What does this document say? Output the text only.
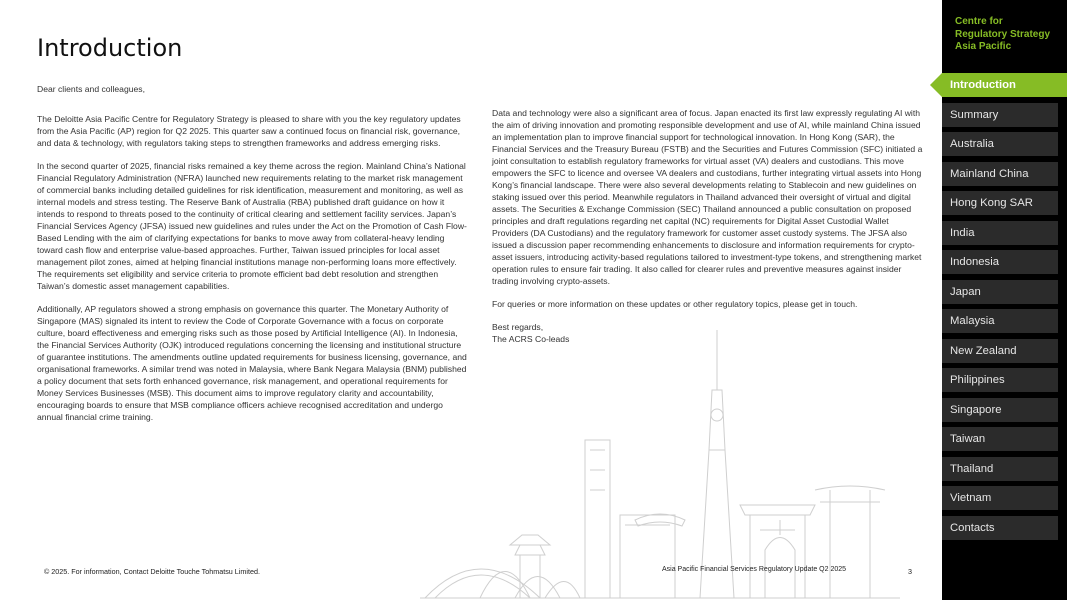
Introduction
Dear clients and colleagues,

The Deloitte Asia Pacific Centre for Regulatory Strategy is pleased to share with you the key regulatory updates from the Asia Pacific (AP) region for Q2 2025. This quarter saw a continued focus on financial risk, governance, and data & technology, with regulators taking steps to strengthen frameworks and address emerging risks.

In the second quarter of 2025, financial risks remained a key theme across the region. Mainland China’s National Financial Regulatory Administration (NFRA) launched new requirements relating to the market risk management of commercial banks including detailed guidelines for risk identification, measurement and monitoring, as well as internal models and stress testing. The Reserve Bank of Australia (RBA) published draft guidance on how it intends to respond to threats posed to the continuity of critical clearing and settlement facility services. Japan’s Financial Services Agency (JFSA) issued new guidelines and rules under the Act on the Promotion of Cash Flow-Based Lending with the aim of clarifying expectations for banks to move away from collateral-heavy lending toward cash flow and enterprise value-based approaches. Further, Taiwan issued principles for local asset management pilot zones, aimed at helping financial institutions manage non-performing loans more effectively. The requirements set eligibility and service criteria to promote efficient bad debt resolution and strengthen Taiwan’s domestic asset management capabilities.

Additionally, AP regulators showed a strong emphasis on governance this quarter. The Monetary Authority of Singapore (MAS) signaled its intent to review the Code of Corporate Governance with a focus on corporate culture, board effectiveness and emerging risks such as those posed by Artificial Intelligence (AI). In Indonesia, the Financial Services Authority (OJK) introduced regulations concerning the licensing and institutional structure of guarantee institutions. The amendments outline updated requirements for business licensing, governance, and organisational frameworks. A similar trend was noted in Malaysia, where Bank Negara Malaysia (BNM) published a policy document that sets forth enhanced governance, risk management, and operational requirements for Money Services Businesses (MSB). This document aims to improve regulatory clarity and accountability, encouraging boards to ensure that MSB compliance officers achieve recognised accreditation and undergo annual financial crime training.

Data and technology were also a significant area of focus. Japan enacted its first law expressly regulating AI with the aim of driving innovation and promoting responsible development and use of AI, while mainland China issued an implementation plan to improve financial support for technological innovation. In Hong Kong (SAR), the Financial Services and the Treasury Bureau (FSTB) and the Securities and Futures Commission (SFC) initiated a joint consultation to establish regulatory frameworks for virtual asset (VA) dealers and custodians. This move empowers the SFC to licence and oversee VA dealers and custodians, further integrating virtual assets into Hong Kong’s financial landscape. There were also several developments relating to Stablecoin and new guidelines on staking issued over this period. Meanwhile regulators in Thailand advanced their oversight of virtual and digital assets. The Securities & Exchange Commission (SEC) Thailand announced a public consultation on proposed principles and draft regulations regarding net capital (NC) requirements for Digital Asset Custodial Wallet Providers (DA Custodians) and the regulatory framework for customer asset custody systems. The JFSA also issued a discussion paper recommending enhancements to disclosure and information requirements for crypto-asset issuers, introducing activity-based regulations tailored to investment-type tokens, and strengthening market operation rules to ensure fair trading. It also called for clearer rules and preventive measures against insider trading involving crypto-assets.

For queries or more information on these updates or other regulatory topics, please get in touch.

Best regards,

The ACRS Co-leads

© 2025. For information, Contact Deloitte Touche Tohmatsu Limited.	Asia Pacific Financial Services Regulatory Update Q2 2025	3
Centre for
Regulatory Strategy
Asia Pacific
Introduction
Summary
Australia
Mainland China
Hong Kong SAR
India
Indonesia
Japan
Malaysia
New Zealand
Philippines
Singapore
Taiwan
Thailand
Vietnam
Contacts
